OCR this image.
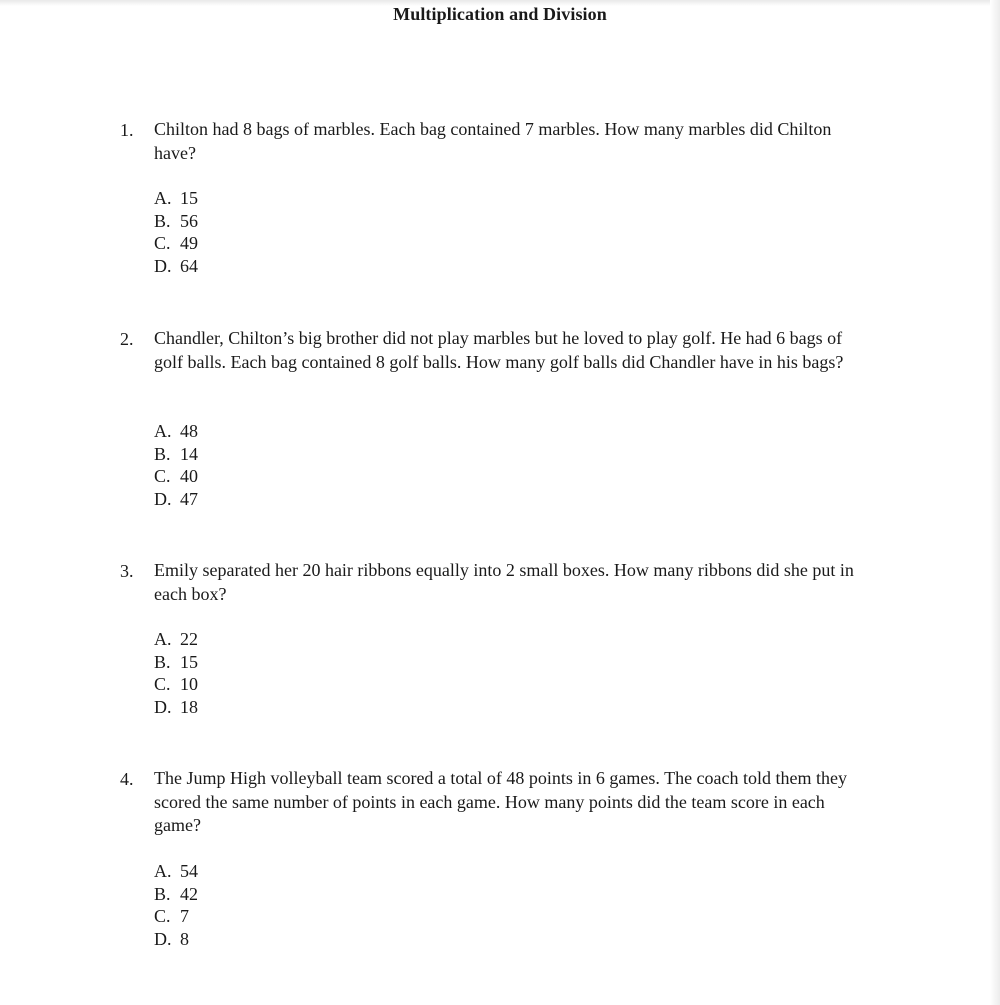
Multiplication and Division
1. Chilton had 8 bags of marbles. Each bag contained 7 marbles. How many marbles did Chilton have?
A. 15
B. 56
C. 49
D. 64
2. Chandler, Chilton’s big brother did not play marbles but he loved to play golf. He had 6 bags of golf balls. Each bag contained 8 golf balls. How many golf balls did Chandler have in his bags?
A. 48
B. 14
C. 40
D. 47
3. Emily separated her 20 hair ribbons equally into 2 small boxes. How many ribbons did she put in each box?
A. 22
B. 15
C. 10
D. 18
4. The Jump High volleyball team scored a total of 48 points in 6 games. The coach told them they scored the same number of points in each game. How many points did the team score in each game?
A. 54
B. 42
C. 7
D. 8
